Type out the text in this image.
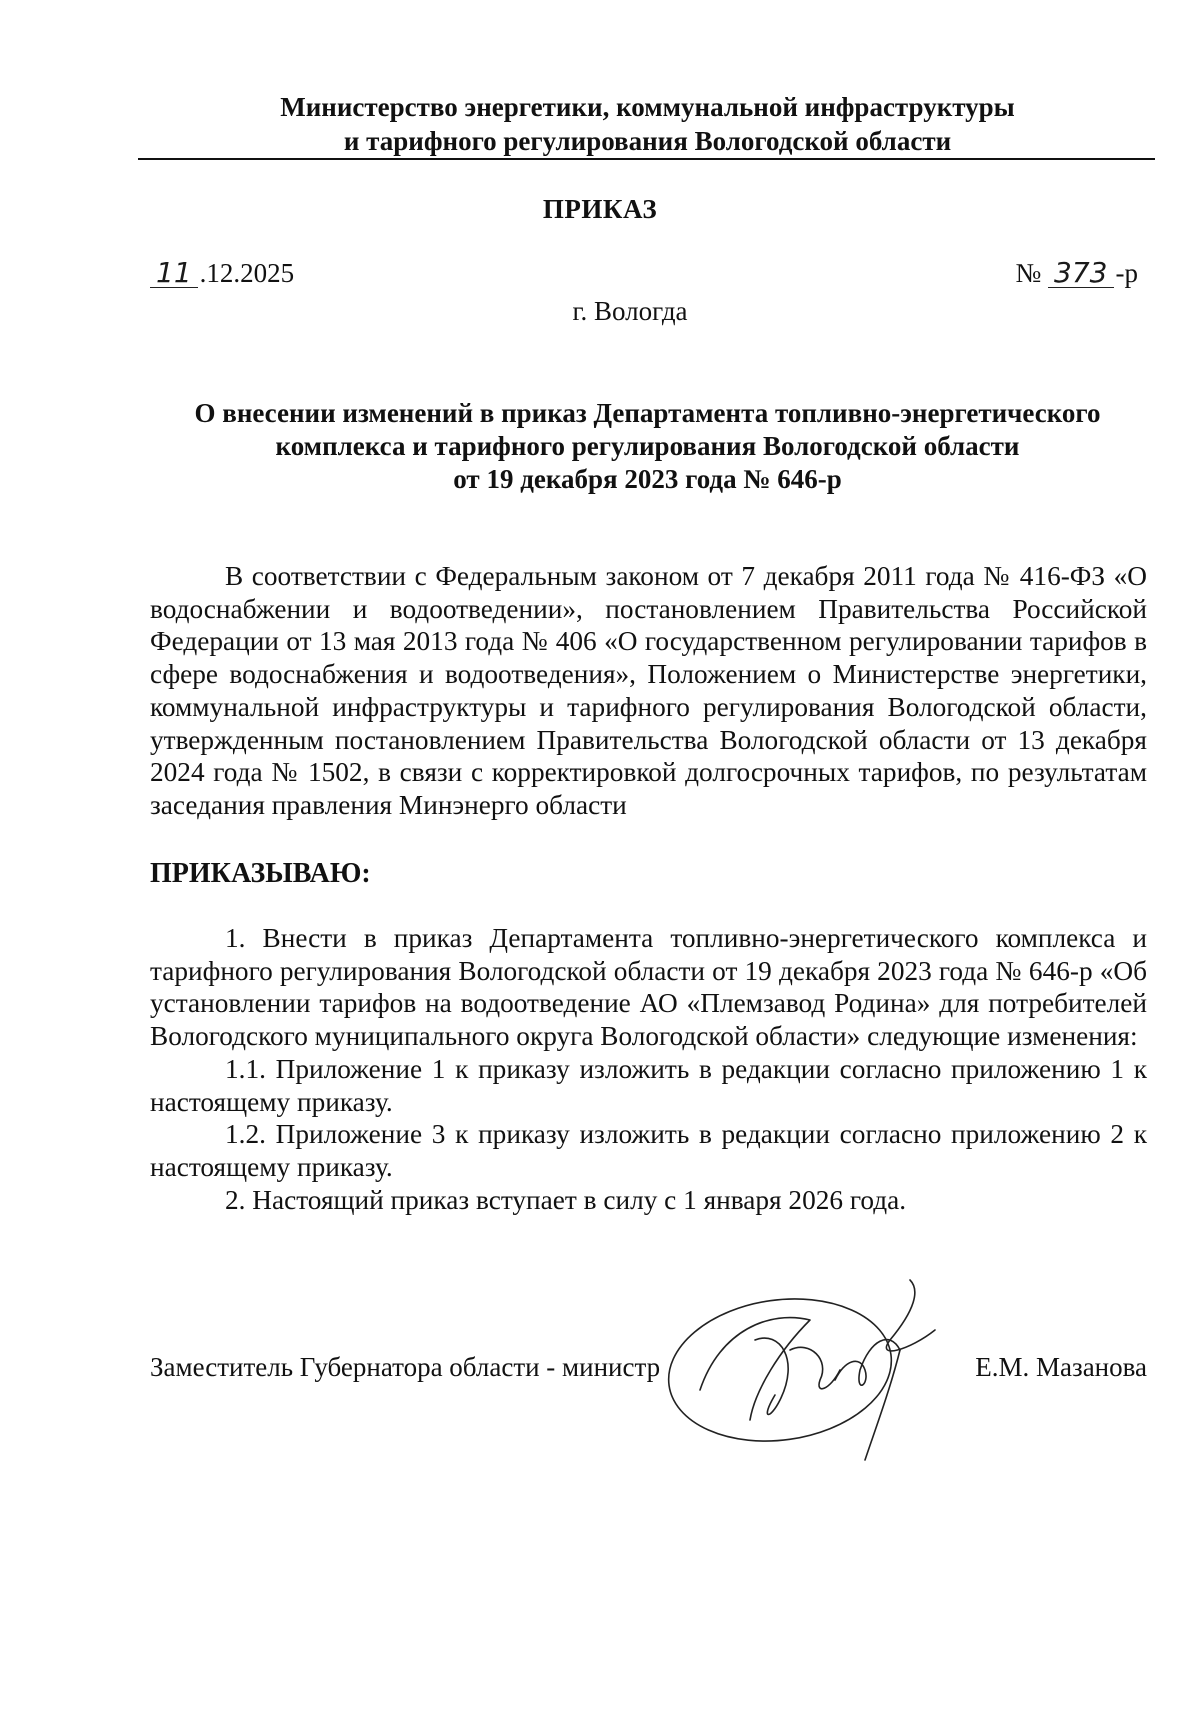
Министерство энергетики, коммунальной инфраструктуры
и тарифного регулирования Вологодской области
ПРИКАЗ
11 .12.2025	№ 373 -р
г. Вологда
О внесении изменений в приказ Департамента топливно-энергетического
комплекса и тарифного регулирования Вологодской области
от 19 декабря 2023 года № 646-р

В соответствии с Федеральным законом от 7 декабря 2011 года № 416-ФЗ «О водоснабжении и водоотведении», постановлением Правительства Российской Федерации от 13 мая 2013 года № 406 «О государственном регулировании тарифов в сфере водоснабжения и водоотведения», Положением о Министерстве энергетики, коммунальной инфраструктуры и тарифного регулирования Вологодской области, утвержденным постановлением Правительства Вологодской области от 13 декабря 2024 года № 1502, в связи с корректировкой долгосрочных тарифов, по результатам заседания правления Минэнерго области

ПРИКАЗЫВАЮ:

1. Внести в приказ Департамента топливно-энергетического комплекса и тарифного регулирования Вологодской области от 19 декабря 2023 года № 646-р «Об установлении тарифов на водоотведение АО «Племзавод Родина» для потребителей Вологодского муниципального округа Вологодской области» следующие изменения:

1.1. Приложение 1 к приказу изложить в редакции согласно приложению 1 к настоящему приказу.

1.2. Приложение 3 к приказу изложить в редакции согласно приложению 2 к настоящему приказу.

2. Настоящий приказ вступает в силу с 1 января 2026 года.

Заместитель Губернатора области - министр	Е.М. Мазанова
